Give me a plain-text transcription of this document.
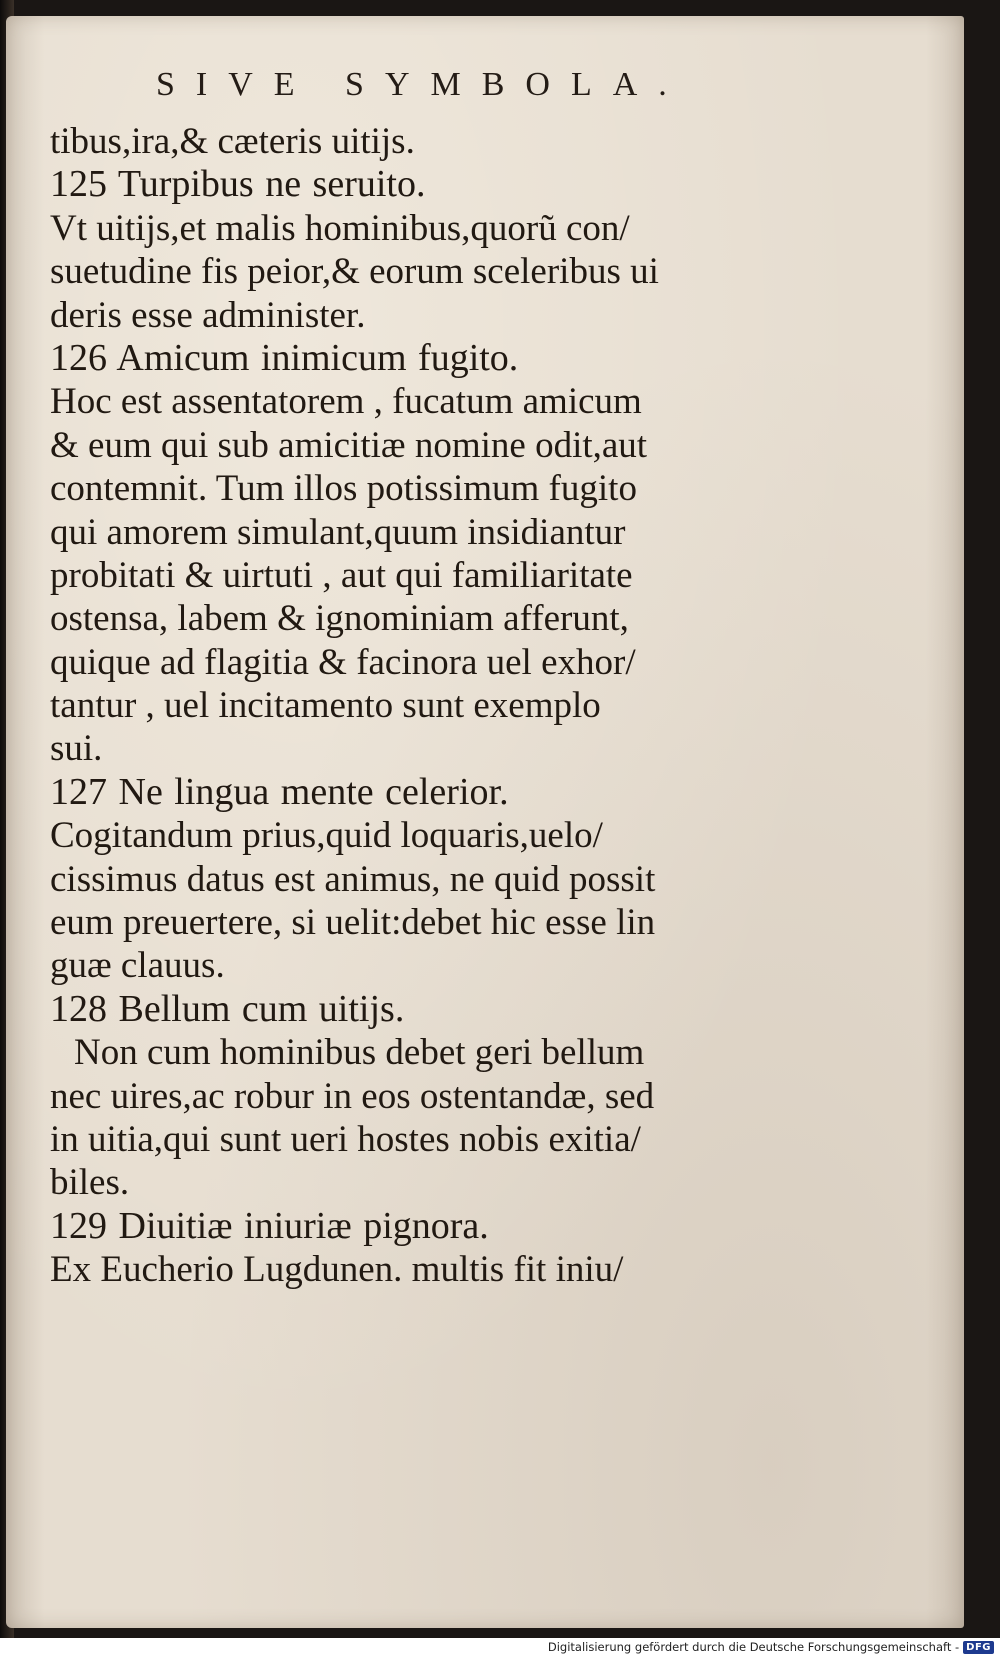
SIVE SYMBOLA.
tibus,ira,& cæteris uitijs.
125 Turpibus ne seruito.
Vt uitijs,et malis hominibus,quorũ con/
suetudine fis peior,& eorum sceleribus ui
deris esse administer.
126 Amicum inimicum fugito.
Hoc est assentatorem , fucatum amicum
& eum qui sub amicitiæ nomine odit,aut
contemnit. Tum illos potissimum fugito
qui amorem simulant,quum insidiantur
probitati & uirtuti , aut qui familiaritate
ostensa, labem & ignominiam afferunt,
quique ad flagitia & facinora uel exhor/
tantur , uel incitamento sunt exemplo
sui.
127 Ne lingua mente celerior.
Cogitandum prius,quid loquaris,uelo/
cissimus datus est animus, ne quid possit
eum preuertere, si uelit:debet hic esse lin
guæ clauus.
128 Bellum cum uitijs.
Non cum hominibus debet geri bellum
nec uires,ac robur in eos ostentandæ, sed
in uitia,qui sunt ueri hostes nobis exitia/
biles.
129 Diuitiæ iniuriæ pignora.
Ex Eucherio Lugdunen. multis fit iniu/
Digitalisierung gefördert durch die Deutsche Forschungsgemeinschaft - DFG
